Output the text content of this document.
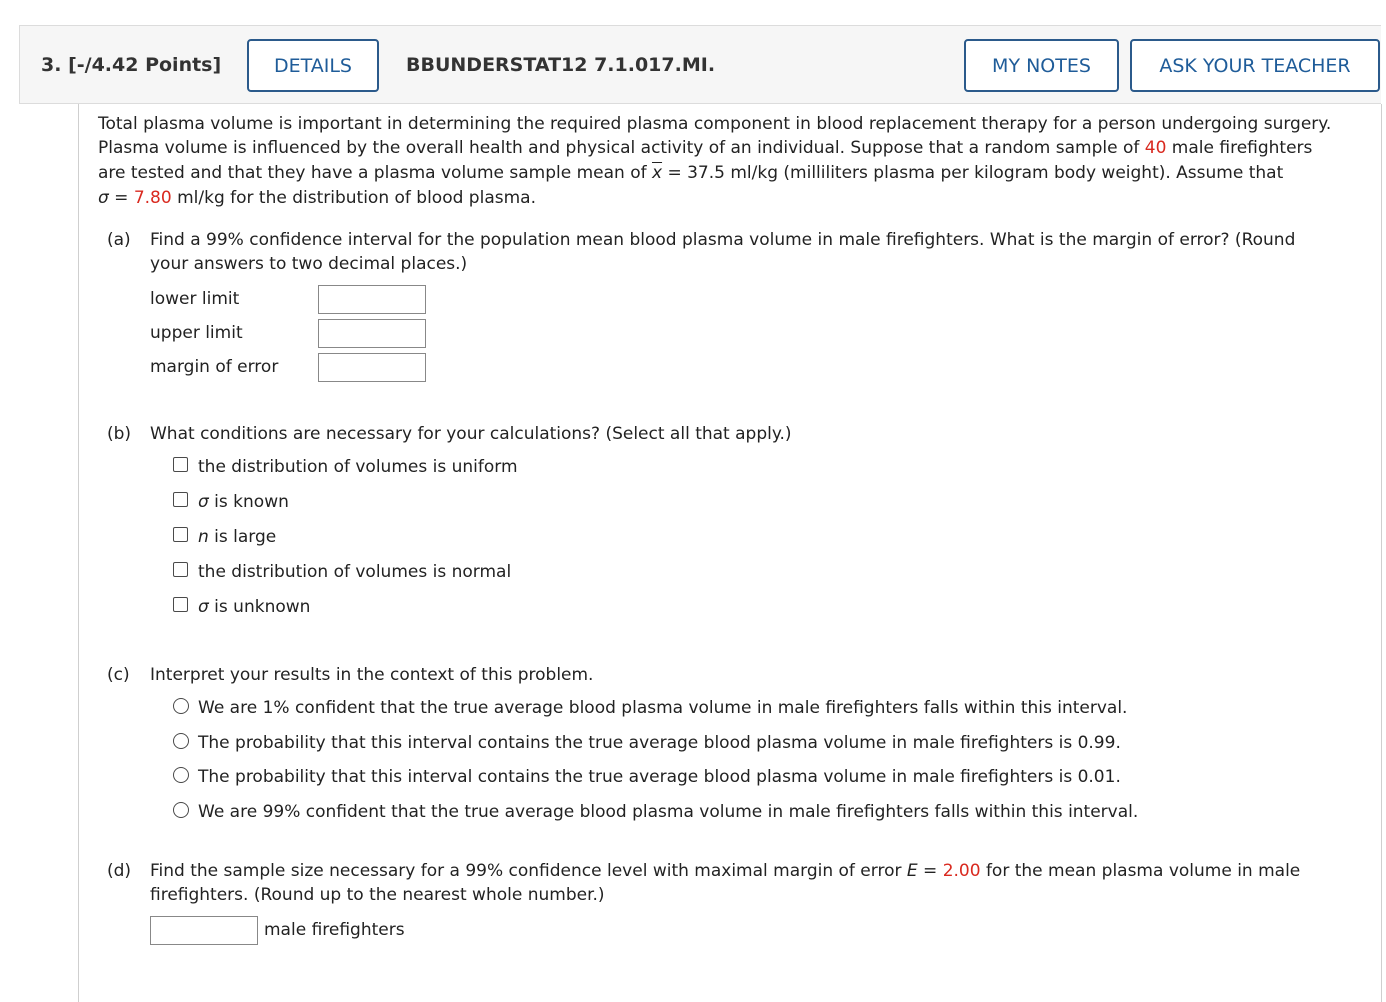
3. [-/4.42 Points]	DETAILS	BBUNDERSTAT12 7.1.017.MI.	MY NOTES	ASK YOUR TEACHER
Total plasma volume is important in determining the required plasma component in blood replacement therapy for a person undergoing surgery.
Plasma volume is influenced by the overall health and physical activity of an individual. Suppose that a random sample of 40 male firefighters
are tested and that they have a plasma volume sample mean of $\overline{x} = 37.5$ ml/kg (milliliters plasma per kilogram body weight). Assume that
σ = 7.80 ml/kg for the distribution of blood plasma.
(a) Find a 99% confidence interval for the population mean blood plasma volume in male firefighters. What is the margin of error? (Round
your answers to two decimal places.)
lower limit
upper limit
margin of error
(b) What conditions are necessary for your calculations? (Select all that apply.)
the distribution of volumes is uniform
σ is known
n is large
the distribution of volumes is normal
σ is unknown
(c) Interpret your results in the context of this problem.
We are 1% confident that the true average blood plasma volume in male firefighters falls within this interval.
The probability that this interval contains the true average blood plasma volume in male firefighters is 0.99.
The probability that this interval contains the true average blood plasma volume in male firefighters is 0.01.
We are 99% confident that the true average blood plasma volume in male firefighters falls within this interval.
(d) Find the sample size necessary for a 99% confidence level with maximal margin of error E = 2.00 for the mean plasma volume in male
firefighters. (Round up to the nearest whole number.)
male firefighters
